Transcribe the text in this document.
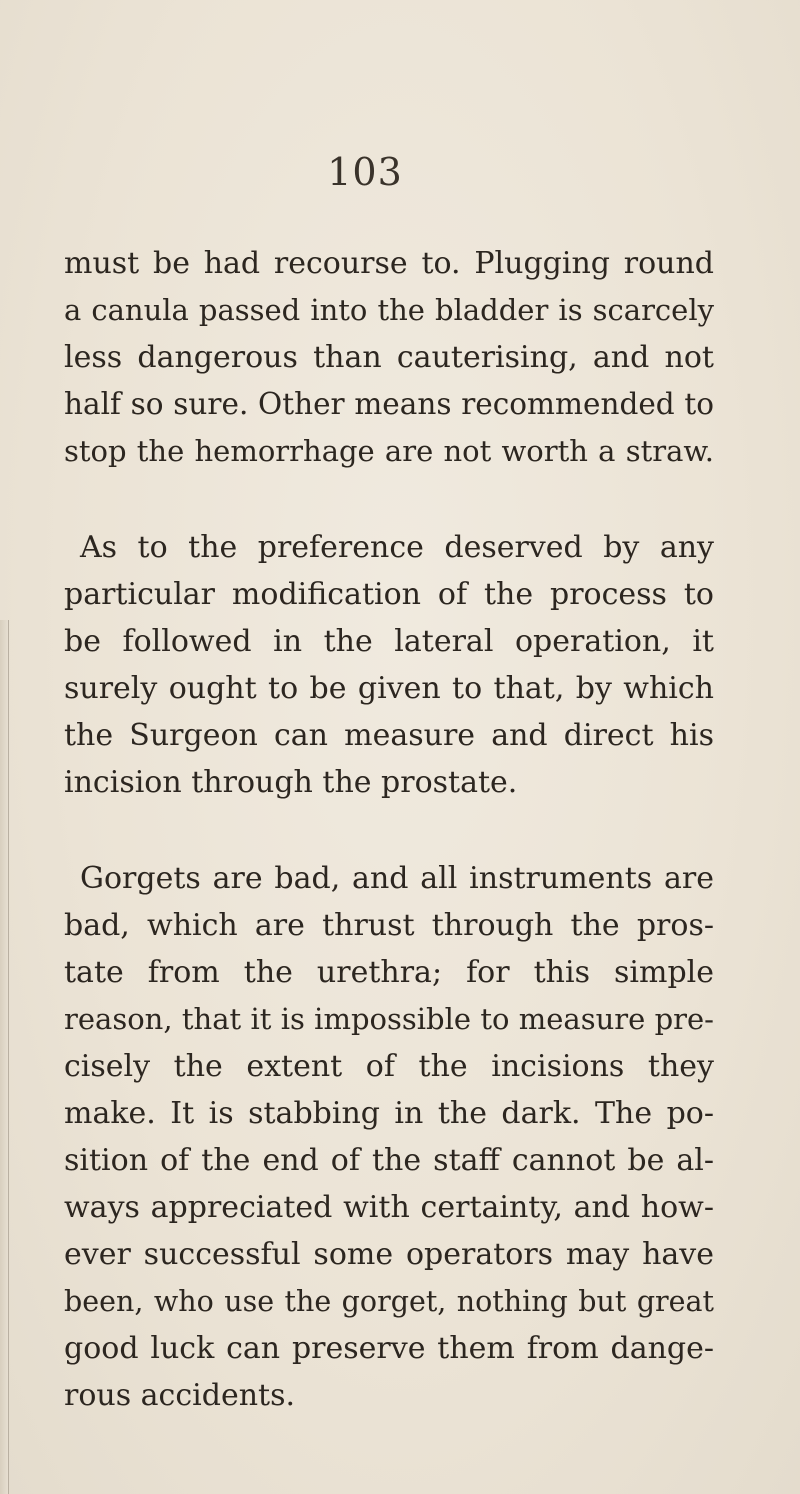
103
must be had recourse to. Plugging round
a canula passed into the bladder is scarcely
less dangerous than cauterising, and not
half so sure. Other means recommended to
stop the hemorrhage are not worth a straw.
As to the preference deserved by any
particular modification of the process to
be followed in the lateral operation, it
surely ought to be given to that, by which
the Surgeon can measure and direct his
incision through the prostate.
Gorgets are bad, and all instruments are
bad, which are thrust through the pros-
tate from the urethra; for this simple
reason, that it is impossible to measure pre-
cisely the extent of the incisions they
make. It is stabbing in the dark. The po-
sition of the end of the staff cannot be al-
ways appreciated with certainty, and how-
ever successful some operators may have
been, who use the gorget, nothing but great
good luck can preserve them from dange-
rous accidents.
